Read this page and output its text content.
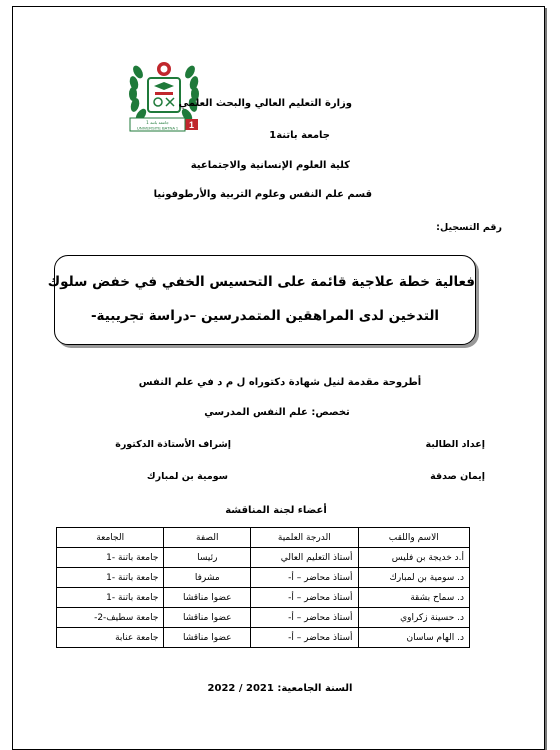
1
جامعة باتنة 1
UNIVERSITE BATNA 1
وزارة التعليم العالي والبحث العلمي
جامعة باتنة1
كلية العلوم الإنسانية والاجتماعية
قسم علم النفس وعلوم التربية والأرطوفونيا
رقم التسجيل:
فعالية خطة علاجية قائمة على التحسيس الخفي في خفض سلوك
التدخين لدى المراهقين المتمدرسين –دراسة تجريبية-
أطروحة مقدمة لنيل شهادة دكتوراه ل م د في علم النفس
تخصص: علم النفس المدرسي
إعداد الطالبة
إشراف الأستاذة الدكتورة
إيمان صدقة
سومية بن لمبارك
أعضاء لجنة المناقشة
الاسم واللقب	الدرجة العلمية	الصفة	الجامعة
أ.د خديجة بن فليس	أستاذ التعليم العالي	رئيسا	جامعة باتنة -1
د. سومية بن لمبارك	أستاذ محاضر – أ-	مشرفا	جامعة باتنة -1
د. سماح بشقة	أستاذ محاضر – أ-	عضوا مناقشا	جامعة باتنة -1
د. حسينة زكراوي	أستاذ محاضر – أ-	عضوا مناقشا	جامعة سطيف-2-
د. الهام ساسان	أستاذ محاضر – أ-	عضوا مناقشا	جامعة عنابة
السنة الجامعية: 2021 / 2022
